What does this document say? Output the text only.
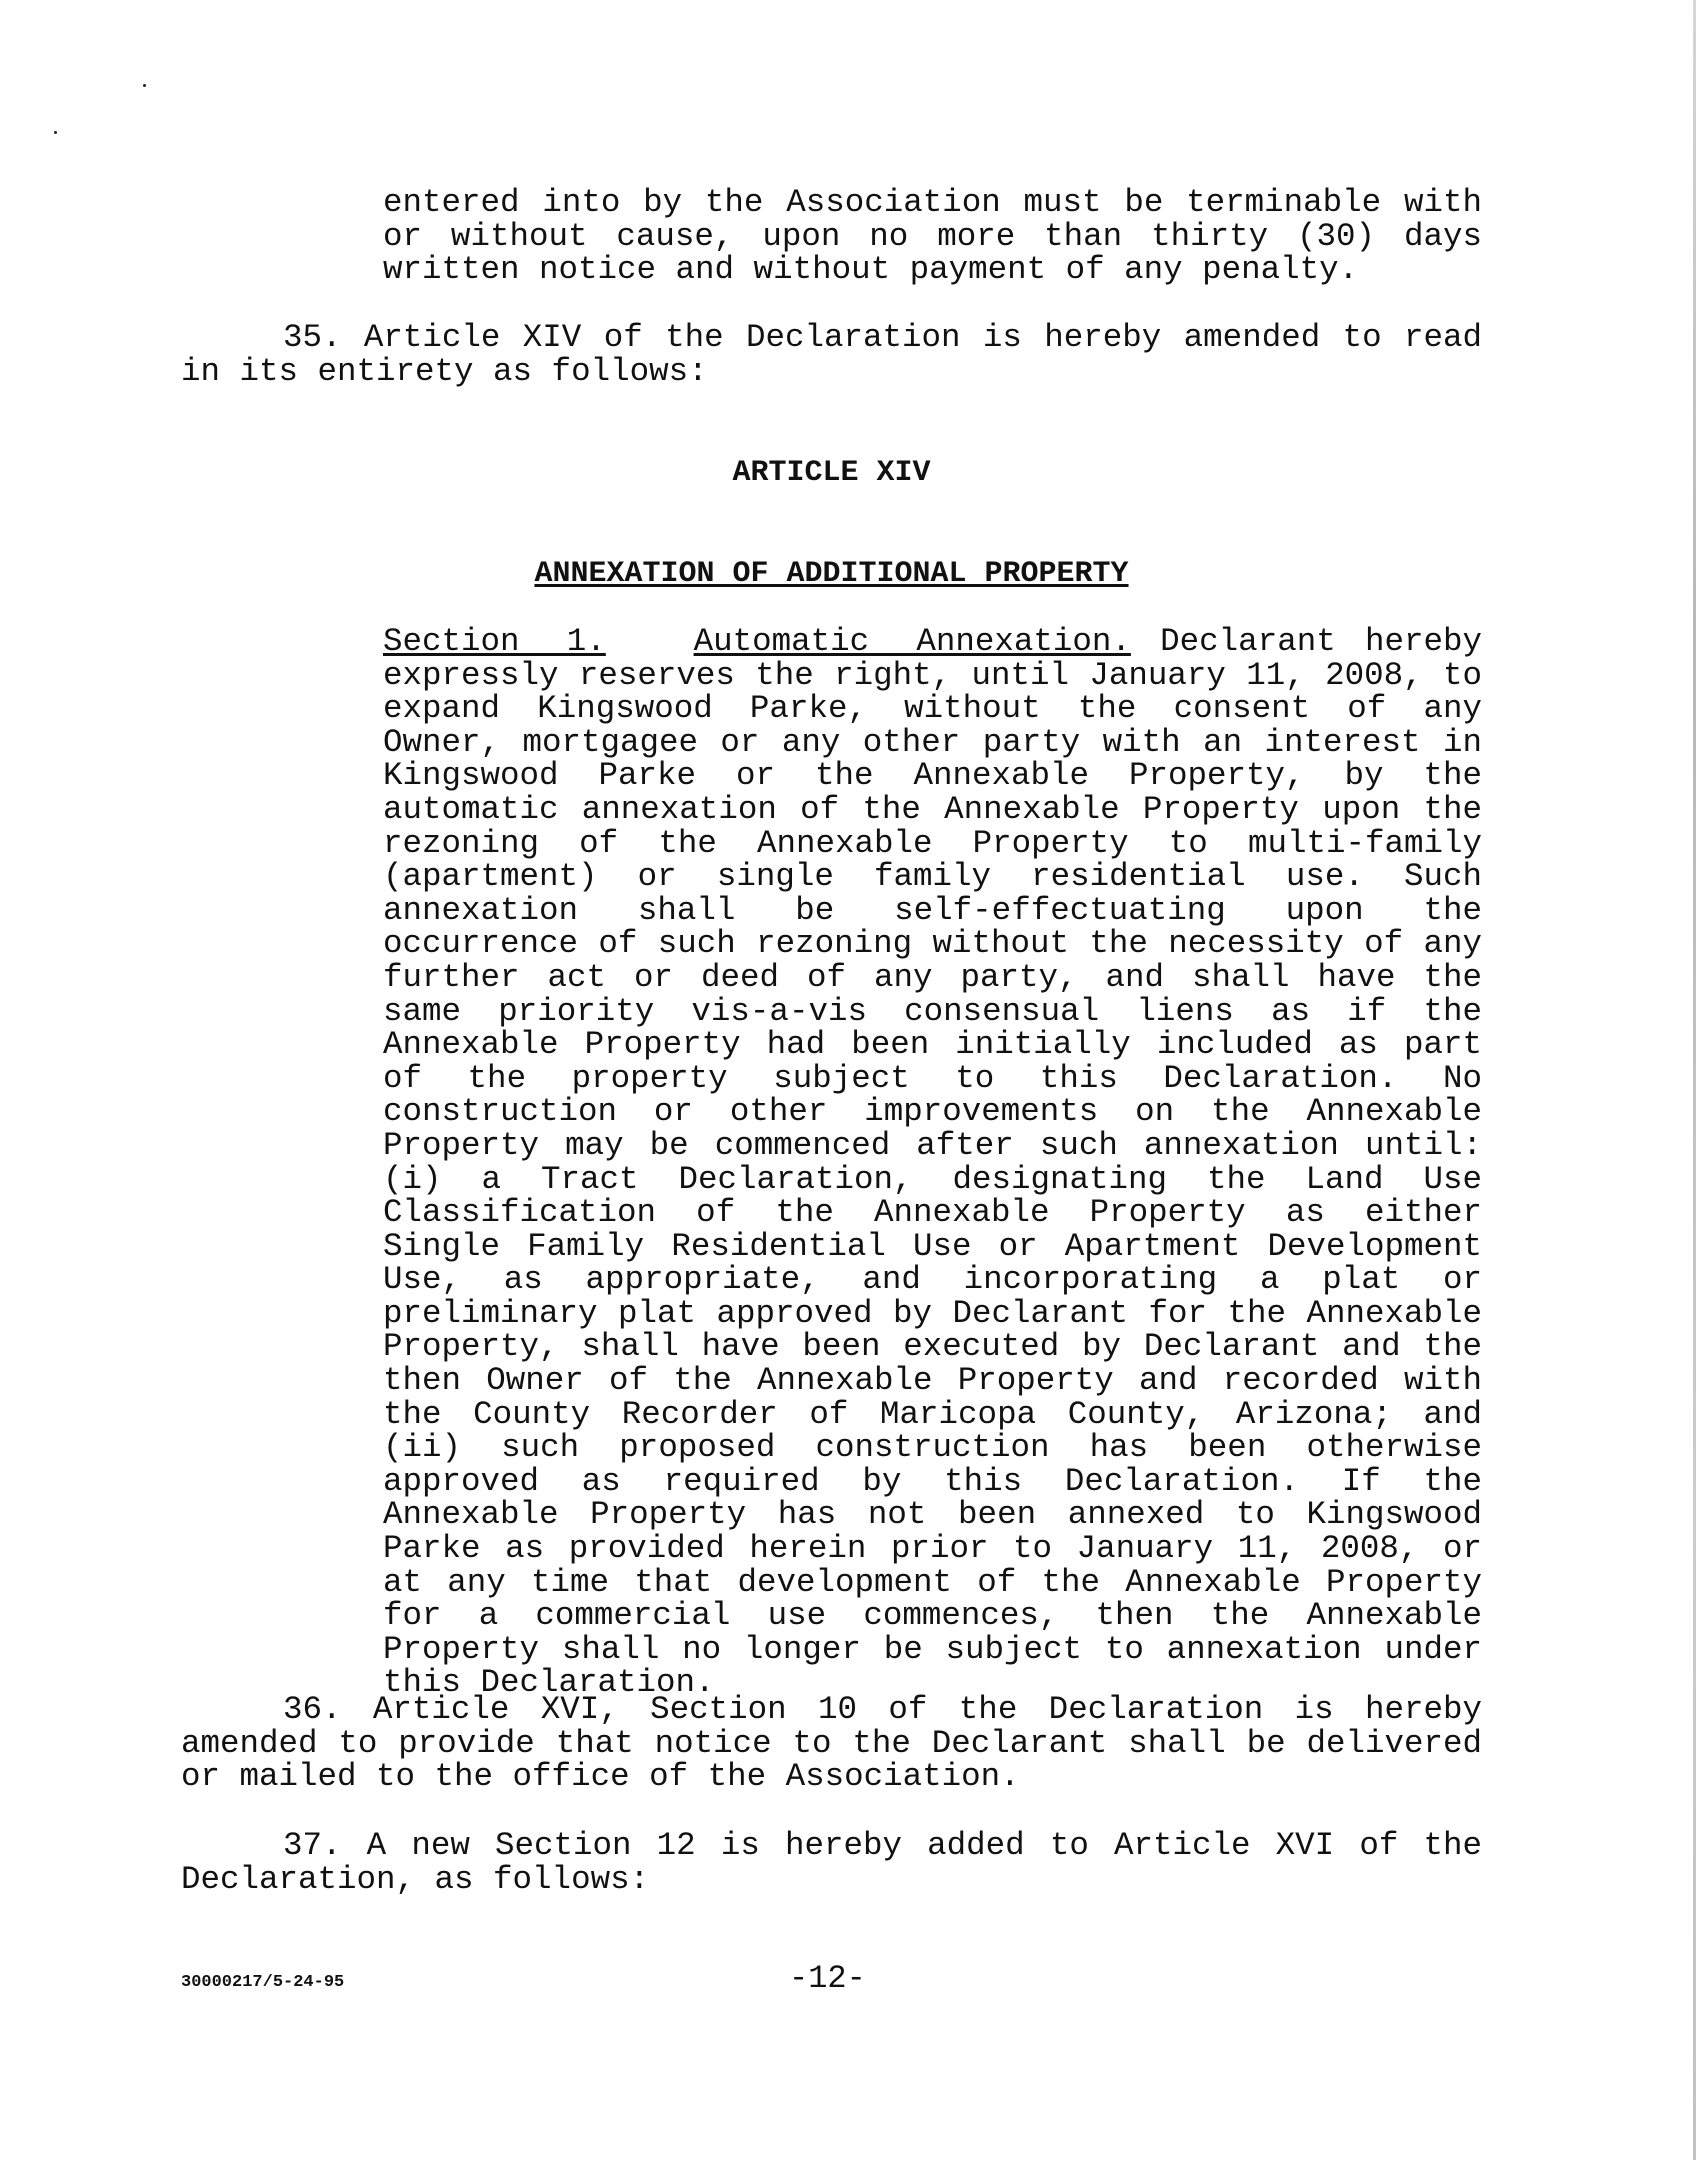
entered into by the Association must be terminable with or without cause, upon no more than thirty (30) days written notice and without payment of any penalty.
35. Article XIV of the Declaration is hereby amended to read in its entirety as follows:
ARTICLE XIV
ANNEXATION OF ADDITIONAL PROPERTY
Section 1.	Automatic Annexation. Declarant hereby expressly reserves the right, until January 11, 2008, to expand Kingswood Parke, without the consent of any Owner, mortgagee or any other party with an interest in Kingswood Parke or the Annexable Property, by the automatic annexation of the Annexable Property upon the rezoning of the Annexable Property to multi-family (apartment) or single family residential use. Such annexation shall be self-effectuating upon the occurrence of such rezoning without the necessity of any further act or deed of any party, and shall have the same priority vis-a-vis consensual liens as if the Annexable Property had been initially included as part of the property subject to this Declaration. No construction or other improvements on the Annexable Property may be commenced after such annexation until: (i) a Tract Declaration, designating the Land Use Classification of the Annexable Property as either Single Family Residential Use or Apartment Development Use, as appropriate, and incorporating a plat or preliminary plat approved by Declarant for the Annexable Property, shall have been executed by Declarant and the then Owner of the Annexable Property and recorded with the County Recorder of Maricopa County, Arizona; and (ii) such proposed construction has been otherwise approved as required by this Declaration. If the Annexable Property has not been annexed to Kingswood Parke as provided herein prior to January 11, 2008, or at any time that development of the Annexable Property for a commercial use commences, then the Annexable Property shall no longer be subject to annexation under this Declaration.
36. Article XVI, Section 10 of the Declaration is hereby amended to provide that notice to the Declarant shall be delivered or mailed to the office of the Association.
37. A new Section 12 is hereby added to Article XVI of the Declaration, as follows:
30000217/5-24-95	-12-
